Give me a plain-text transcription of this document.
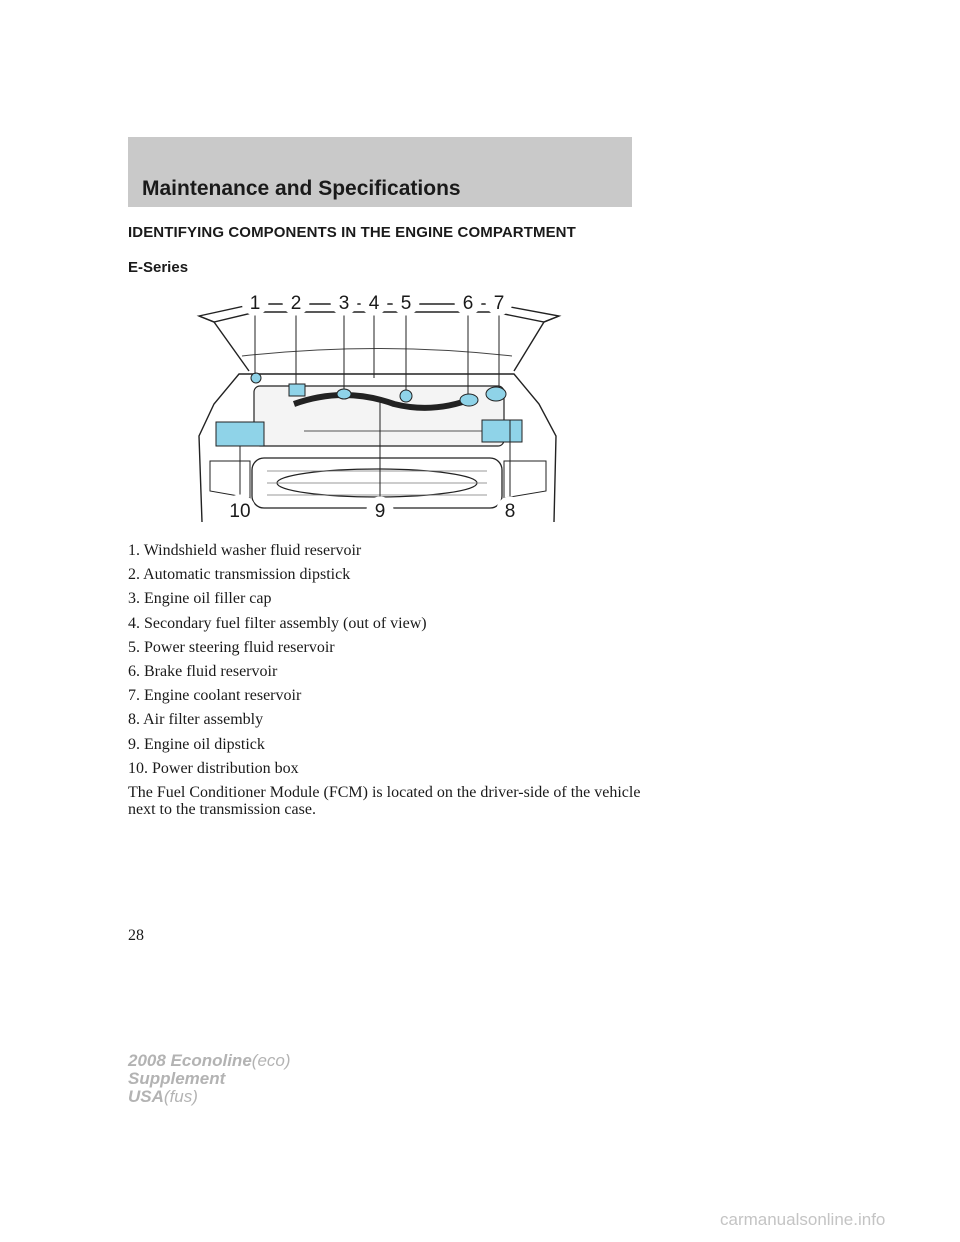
Maintenance and Specifications
IDENTIFYING COMPONENTS IN THE ENGINE COMPARTMENT
E-Series
1 2 3 4 5	6 7
8
9
10
1. Windshield washer fluid reservoir
2. Automatic transmission dipstick
3. Engine oil filler cap
4. Secondary fuel filter assembly (out of view)
5. Power steering fluid reservoir
6. Brake fluid reservoir
7. Engine coolant reservoir
8. Air filter assembly
9. Engine oil dipstick
10. Power distribution box

The Fuel Conditioner Module (FCM) is located on the driver-side of the vehicle next to the transmission case.

28

2008 Econoline(eco)
Supplement
USA(fus)

carmanualsonline.info
